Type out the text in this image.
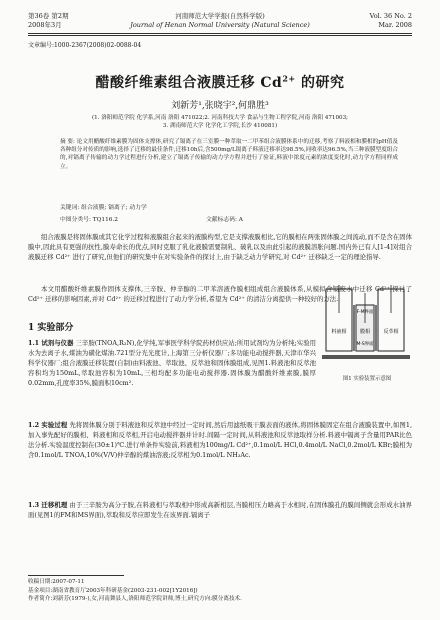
第36卷 第2期
2008年3月
河南师范大学学报(自然科学版)
Journal of Henan Normal University (Natural Science)
Vol. 36 No. 2
Mar. 2008
文章编号:1000-2367(2008)02-0088-04
醋酸纤维素组合液膜迁移 $Cd^{2+}$ 的研究
刘新芳¹,张晓宇²,何鼎胜³
(1. 洛阳师范学院 化学系,河南 洛阳 471022;2. 河南科技大学 食品与生物工程学院,河南 洛阳 471003;
3. 湖南师范大学 化学化工学院,长沙 410081)
摘 要: 论文用醋酸纤维素膜为固体支撑体,研究了镉离子在三室膜一种萃取一二甲苯组合液膜体系中的迁移,考察了料液相和膜相的pH值及各种组分对传质的影响,选择了迁移的最佳条件,迁移10h后,含500mg/L镉离子料液迁移率达98.5%,同收率达96.5%,当三种液膜型度组合的,对镉离子传输的动力学过程进行分析,建立了镉离子传输的动力学方程并进行了验证,料液中浓度元素的浓度变化时,动力学方程同样成立。
关键词: 组合液膜; 镉离子; 动力学
中图分类号: TQ116.2	文献标志码: A
组合液膜是将固体膜或其它化学过程和液膜组合起来的液膜构型,它是支撑液膜相比,它的膜相在两张固体膜之间流动,而不是含在固体膜中,因此具有更强的抗性,膜寿命长的优点,同时克服了乳化液膜需要制乳、破乳以及由此引起的液膜溶胀问题.国内外已有人[1-4]对组合液膜迁移 Cd²⁺ 进行了研究,但他们的研究集中在对实验条件的探讨上,由于缺乏动力学研究,对 Cd²⁺ 迁移缺乏一定的理论指导.
本文用醋酸纤维素膜作固体支撑体,三辛胺、仲辛醇的二甲苯溶液作膜相组成组合液膜体系,从模拟含镉废水中迁移 Cd²⁺,探讨了 Cd²⁺ 迁移的影响因素,并对 Cd²⁺ 的迁移过程进行了动力学分析,希望为 Cd²⁺ 的清洁分离提供一种较好的方法.
1 实验部分
1.1 试剂与仪器 三辛胺(TNOA,R₃N),化学纯,军事医学科学院药材供应站;所用试剂均为分析纯;实验用水为去离子水,煤油为磺化煤油.721型分光光度计,上海第三分析仪器厂;多功能电动搅拌器,天津市华兴科学仪器厂;组合液膜迁移装置(自制)由料液池、萃取池、反萃池和固体膜组成,见图1.料液池和反萃池容积均为150mL,萃取池容积为10mL,三相均配多功能电动搅拌器.固体膜为醋酸纤维素膜,膜厚0.02mm,孔度率35%,膜面积10cm².
1.2 实验过程 先将固体膜分别于料液池和反萃池中经过一定时间,然后用滤纸吸干膜表面的液体,将固体膜固定在组合液膜装置中,如图1,加入事先配好的膜相、料液相和反萃相,开启电动搅拌器并计时.间隔一定时间,从料液池和反萃池取样分析.料液中镉离子含量用PAR比色法分析.实验温度控制在(30±1)℃.进行单条件实验前,料液相为100mg/L Cd²⁺,0.1mol/L HCl,0.4mol/L NaCl,0.2mol/L KBr;膜相为含0.1mol/L TNOA,10%(V/V)仲辛醇的煤油溶液;反萃相为0.1mol/L NH₃Ac.
1.3 迁移机理 由于三辛胺为高分子胺,在料液相与萃取相中形成高新相层,当膜相压力略高于水相时,在固体膜孔的膜间侧就会形成水油界面(见图1的FM和MS界面),萃取和反萃应即发生在该界面.镉离子
料液相
F-M界面
膜相
M-S界面
反萃相
图1 实验装置示意图
收稿日期:2007-07-11
基金项目:湖南省教育厅2003年科研基金(2003-231-002[1Y2016])
作者简介:刘新芳(1979-),女,河南舞县人,洛阳师范学院讲师,博士,研究方向:膜分离技术.
